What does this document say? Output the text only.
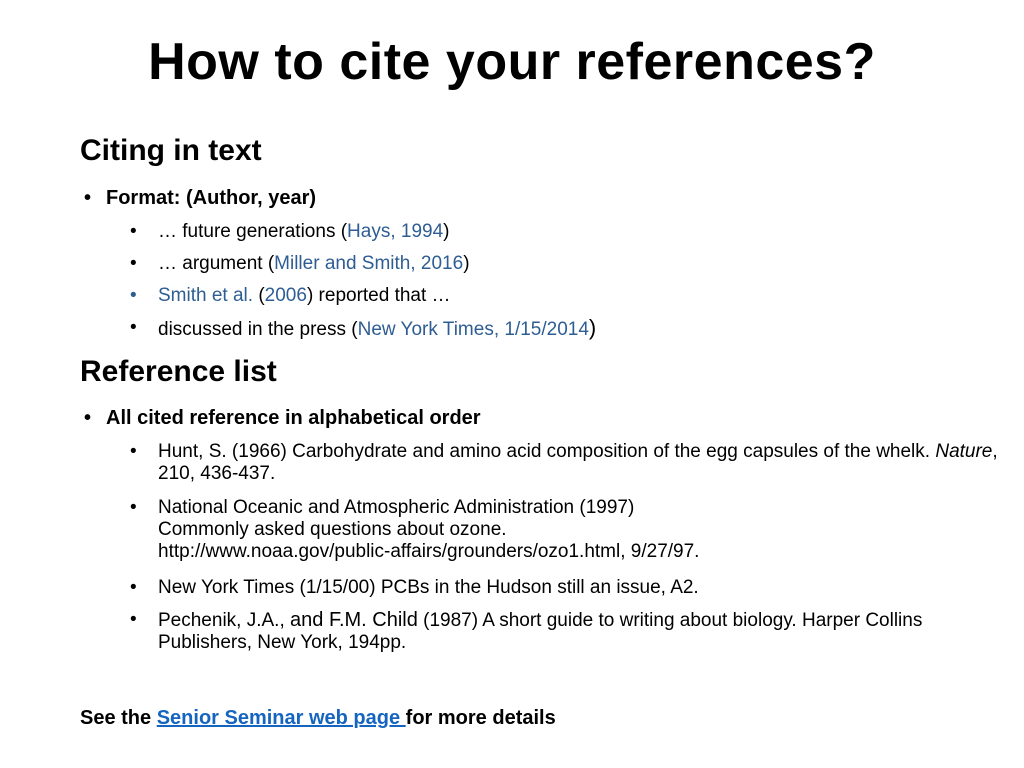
How to cite your references?
Citing in text
• Format: (Author, year)
• … future generations (Hays, 1994)
• … argument (Miller and Smith, 2016)
• Smith et al. (2006) reported that …
• discussed in the press (New York Times, 1/15/2014)
Reference list
• All cited reference in alphabetical order
• Hunt, S. (1966) Carbohydrate and amino acid composition of the egg capsules of the whelk. Nature, 210, 436-437.
• National Oceanic and Atmospheric Administration (1997) Commonly asked questions about ozone. http://www.noaa.gov/public-affairs/grounders/ozo1.html, 9/27/97.
• New York Times (1/15/00) PCBs in the Hudson still an issue, A2.
• Pechenik, J.A., and F.M. Child (1987) A short guide to writing about biology. Harper Collins Publishers, New York, 194pp.
See the Senior Seminar web page for more details
